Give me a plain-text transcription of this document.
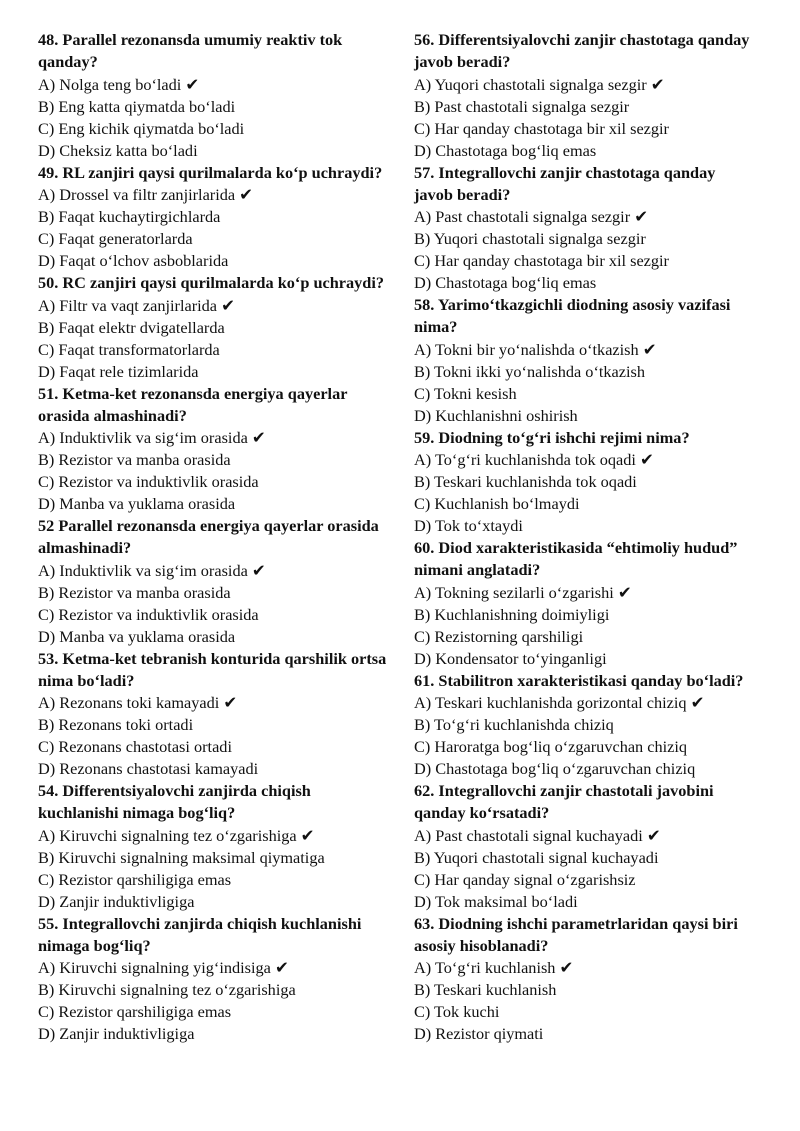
48. Parallel rezonansda umumiy reaktiv tok qanday?

A) Nolga teng bo‘ladi ✔

B) Eng katta qiymatda bo‘ladi

C) Eng kichik qiymatda bo‘ladi

D) Cheksiz katta bo‘ladi

49. RL zanjiri qaysi qurilmalarda ko‘p uchraydi?

A) Drossel va filtr zanjirlarida ✔

B) Faqat kuchaytirgichlarda

C) Faqat generatorlarda

D) Faqat o‘lchov asboblarida

50. RC zanjiri qaysi qurilmalarda ko‘p uchraydi?

A) Filtr va vaqt zanjirlarida ✔

B) Faqat elektr dvigatellarda

C) Faqat transformatorlarda

D) Faqat rele tizimlarida

51. Ketma-ket rezonansda energiya qayerlar orasida almashinadi?

A) Induktivlik va sig‘im orasida ✔

B) Rezistor va manba orasida

C) Rezistor va induktivlik orasida

D) Manba va yuklama orasida

52 Parallel rezonansda energiya qayerlar orasida almashinadi?

A) Induktivlik va sig‘im orasida ✔

B) Rezistor va manba orasida

C) Rezistor va induktivlik orasida

D) Manba va yuklama orasida

53. Ketma-ket tebranish konturida qarshilik ortsa nima bo‘ladi?

A) Rezonans toki kamayadi ✔

B) Rezonans toki ortadi

C) Rezonans chastotasi ortadi

D) Rezonans chastotasi kamayadi

54. Differentsiyalovchi zanjirda chiqish kuchlanishi nimaga bog‘liq?

A) Kiruvchi signalning tez o‘zgarishiga ✔

B) Kiruvchi signalning maksimal qiymatiga

C) Rezistor qarshiligiga emas

D) Zanjir induktivligiga

55. Integrallovchi zanjirda chiqish kuchlanishi nimaga bog‘liq?

A) Kiruvchi signalning yig‘indisiga ✔

B) Kiruvchi signalning tez o‘zgarishiga

C) Rezistor qarshiligiga emas

D) Zanjir induktivligiga

56. Differentsiyalovchi zanjir chastotaga qanday javob beradi?

A) Yuqori chastotali signalga sezgir ✔

B) Past chastotali signalga sezgir

C) Har qanday chastotaga bir xil sezgir

D) Chastotaga bog‘liq emas

57. Integrallovchi zanjir chastotaga qanday javob beradi?

A) Past chastotali signalga sezgir ✔

B) Yuqori chastotali signalga sezgir

C) Har qanday chastotaga bir xil sezgir

D) Chastotaga bog‘liq emas

58. Yarimo‘tkazgichli diodning asosiy vazifasi nima?

A) Tokni bir yo‘nalishda o‘tkazish ✔

B) Tokni ikki yo‘nalishda o‘tkazish

C) Tokni kesish

D) Kuchlanishni oshirish

59. Diodning to‘g‘ri ishchi rejimi nima?

A) To‘g‘ri kuchlanishda tok oqadi ✔

B) Teskari kuchlanishda tok oqadi

C) Kuchlanish bo‘lmaydi

D) Tok to‘xtaydi

60. Diod xarakteristikasida “ehtimoliy hudud” nimani anglatadi?

A) Tokning sezilarli o‘zgarishi ✔

B) Kuchlanishning doimiyligi

C) Rezistorning qarshiligi

D) Kondensator to‘yinganligi

61. Stabilitron xarakteristikasi qanday bo‘ladi?

A) Teskari kuchlanishda gorizontal chiziq ✔

B) To‘g‘ri kuchlanishda chiziq

C) Haroratga bog‘liq o‘zgaruvchan chiziq

D) Chastotaga bog‘liq o‘zgaruvchan chiziq

62. Integrallovchi zanjir chastotali javobini qanday ko‘rsatadi?

A) Past chastotali signal kuchayadi ✔

B) Yuqori chastotali signal kuchayadi

C) Har qanday signal o‘zgarishsiz

D) Tok maksimal bo‘ladi

63. Diodning ishchi parametrlaridan qaysi biri asosiy hisoblanadi?

A) To‘g‘ri kuchlanish ✔

B) Teskari kuchlanish

C) Tok kuchi

D) Rezistor qiymati
